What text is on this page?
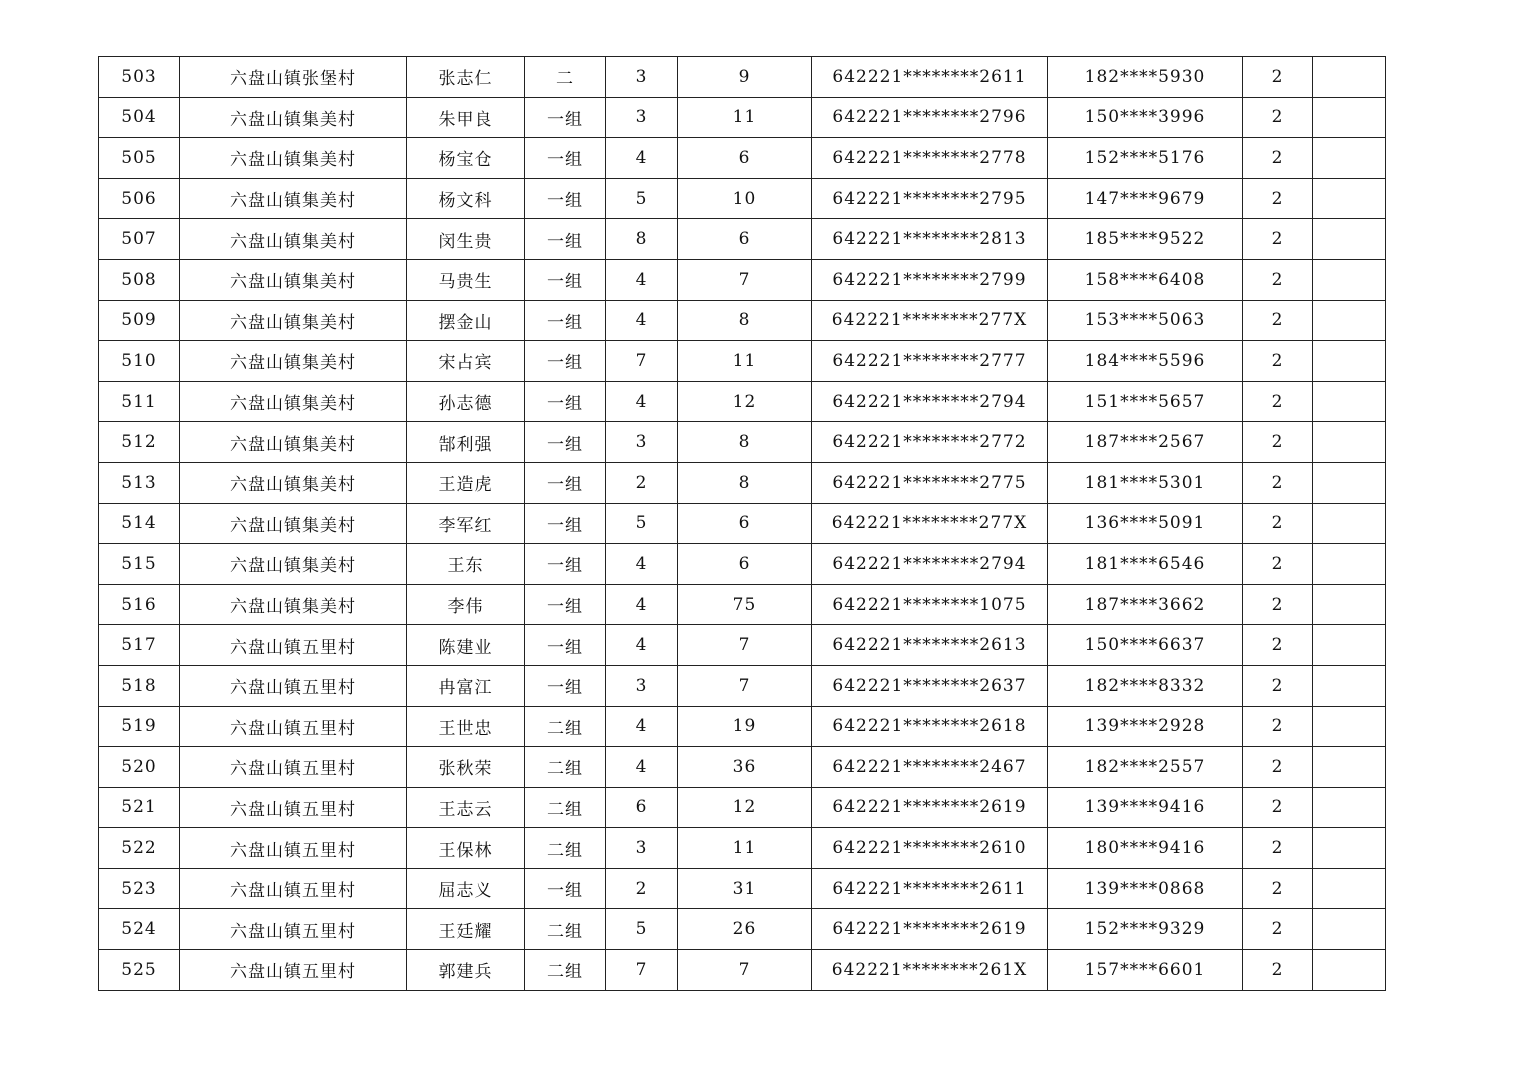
503	六盘山镇张堡村	张志仁	二	3	9	642221********2611	182****5930	2	
504	六盘山镇集美村	朱甲良	一组	3	11	642221********2796	150****3996	2	
505	六盘山镇集美村	杨宝仓	一组	4	6	642221********2778	152****5176	2	
506	六盘山镇集美村	杨文科	一组	5	10	642221********2795	147****9679	2	
507	六盘山镇集美村	闵生贵	一组	8	6	642221********2813	185****9522	2	
508	六盘山镇集美村	马贵生	一组	4	7	642221********2799	158****6408	2	
509	六盘山镇集美村	摆金山	一组	4	8	642221********277X	153****5063	2	
510	六盘山镇集美村	宋占宾	一组	7	11	642221********2777	184****5596	2	
511	六盘山镇集美村	孙志德	一组	4	12	642221********2794	151****5657	2	
512	六盘山镇集美村	郜利强	一组	3	8	642221********2772	187****2567	2	
513	六盘山镇集美村	王造虎	一组	2	8	642221********2775	181****5301	2	
514	六盘山镇集美村	李军红	一组	5	6	642221********277X	136****5091	2	
515	六盘山镇集美村	王东	一组	4	6	642221********2794	181****6546	2	
516	六盘山镇集美村	李伟	一组	4	75	642221********1075	187****3662	2	
517	六盘山镇五里村	陈建业	一组	4	7	642221********2613	150****6637	2	
518	六盘山镇五里村	冉富江	一组	3	7	642221********2637	182****8332	2	
519	六盘山镇五里村	王世忠	二组	4	19	642221********2618	139****2928	2	
520	六盘山镇五里村	张秋荣	二组	4	36	642221********2467	182****2557	2	
521	六盘山镇五里村	王志云	二组	6	12	642221********2619	139****9416	2	
522	六盘山镇五里村	王保林	二组	3	11	642221********2610	180****9416	2	
523	六盘山镇五里村	屈志义	一组	2	31	642221********2611	139****0868	2	
524	六盘山镇五里村	王廷耀	二组	5	26	642221********2619	152****9329	2	
525	六盘山镇五里村	郭建兵	二组	7	7	642221********261X	157****6601	2	
